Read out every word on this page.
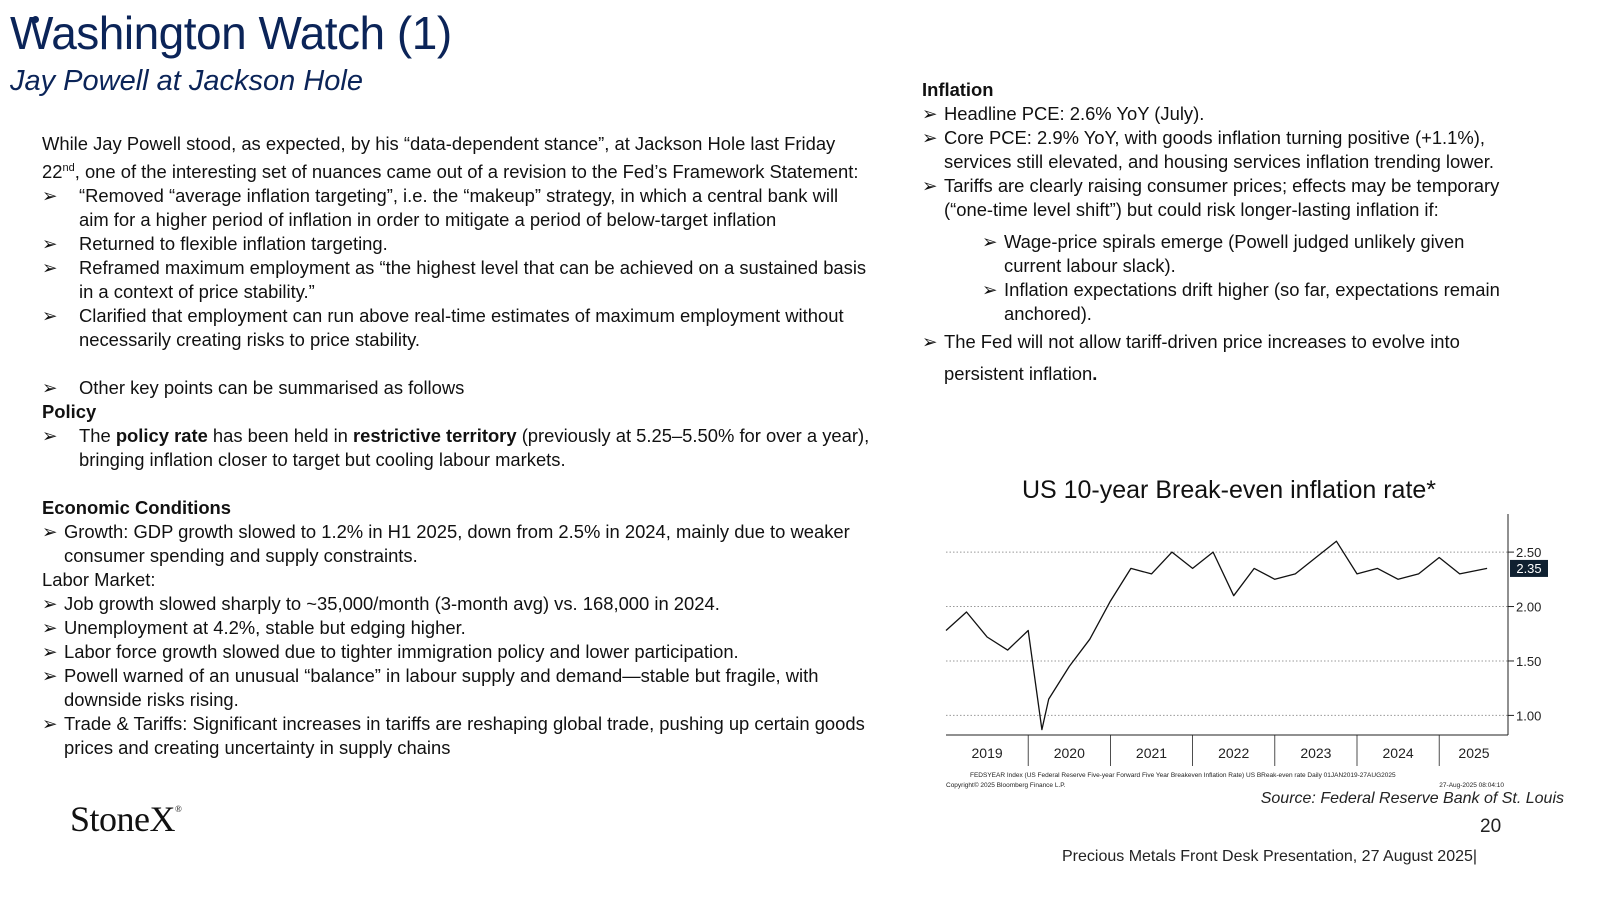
Washington Watch (1)
Jay Powell at Jackson Hole

While Jay Powell stood, as expected, by his “data-dependent stance”, at Jackson Hole last Friday 22nd, one of the interesting set of nuances came out of a revision to the Fed’s Framework Statement:

➢ “Removed “average inflation targeting”, i.e. the “makeup” strategy, in which a central bank will aim for a higher period of inflation in order to mitigate a period of below-target inflation
➢ Returned to flexible inflation targeting.
➢ Reframed maximum employment as “the highest level that can be achieved on a sustained basis in a context of price stability.”
➢ Clarified that employment can run above real-time estimates of maximum employment without necessarily creating risks to price stability.
➢ Other key points can be summarised as follows

Policy

➢ The policy rate has been held in restrictive territory (previously at 5.25–5.50% for over a year), bringing inflation closer to target but cooling labour markets.

Economic Conditions

➢ Growth: GDP growth slowed to 1.2% in H1 2025, down from 2.5% in 2024, mainly due to weaker consumer spending and supply constraints.

Labor Market:

➢ Job growth slowed sharply to ~35,000/month (3-month avg) vs. 168,000 in 2024.
➢ Unemployment at 4.2%, stable but edging higher.
➢ Labor force growth slowed due to tighter immigration policy and lower participation.
➢ Powell warned of an unusual “balance” in labour supply and demand—stable but fragile, with downside risks rising.
➢ Trade & Tariffs: Significant increases in tariffs are reshaping global trade, pushing up certain goods prices and creating uncertainty in supply chains

Inflation

➢ Headline PCE: 2.6% YoY (July).
➢ Core PCE: 2.9% YoY, with goods inflation turning positive (+1.1%), services still elevated, and housing services inflation trending lower.
➢ Tariffs are clearly raising consumer prices; effects may be temporary (“one-time level shift”) but could risk longer-lasting inflation if:
➢ Wage-price spirals emerge (Powell judged unlikely given current labour slack).
➢ Inflation expectations drift higher (so far, expectations remain anchored).
➢ The Fed will not allow tariff-driven price increases to evolve into persistent inflation.
US 10-year Break-even inflation rate*
1.00
1.50
2.00
2.50
2019	2020	2021	2022	2023	2024	2025
2.35
FEDSYEAR Index (US Federal Reserve Five-year Forward Five Year Breakeven Inflation Rate) US BReak-even rate Daily 01JAN2019-27AUG2025
Copyright© 2025 Bloomberg Finance L.P.	27-Aug-2025 08:04:10
Source: Federal Reserve Bank of St. Louis
20
Precious Metals Front Desk Presentation, 27 August 2025|
StoneX®
